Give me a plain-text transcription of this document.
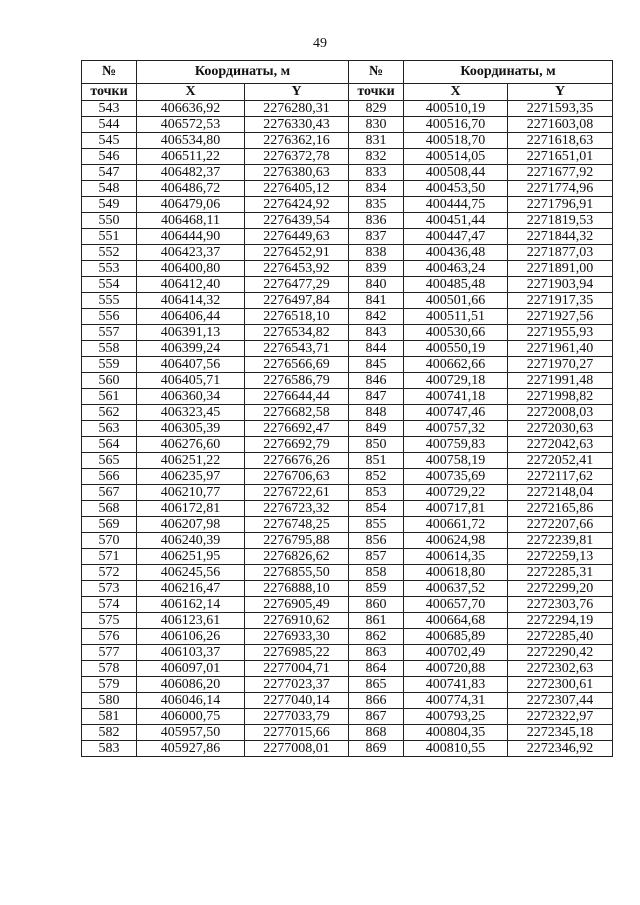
49
№	Координаты, м		№	Координаты, м	
точки	X	Y	точки	X	Y
543	406636,92	2276280,31	829	400510,19	2271593,35
544	406572,53	2276330,43	830	400516,70	2271603,08
545	406534,80	2276362,16	831	400518,70	2271618,63
546	406511,22	2276372,78	832	400514,05	2271651,01
547	406482,37	2276380,63	833	400508,44	2271677,92
548	406486,72	2276405,12	834	400453,50	2271774,96
549	406479,06	2276424,92	835	400444,75	2271796,91
550	406468,11	2276439,54	836	400451,44	2271819,53
551	406444,90	2276449,63	837	400447,47	2271844,32
552	406423,37	2276452,91	838	400436,48	2271877,03
553	406400,80	2276453,92	839	400463,24	2271891,00
554	406412,40	2276477,29	840	400485,48	2271903,94
555	406414,32	2276497,84	841	400501,66	2271917,35
556	406406,44	2276518,10	842	400511,51	2271927,56
557	406391,13	2276534,82	843	400530,66	2271955,93
558	406399,24	2276543,71	844	400550,19	2271961,40
559	406407,56	2276566,69	845	400662,66	2271970,27
560	406405,71	2276586,79	846	400729,18	2271991,48
561	406360,34	2276644,44	847	400741,18	2271998,82
562	406323,45	2276682,58	848	400747,46	2272008,03
563	406305,39	2276692,47	849	400757,32	2272030,63
564	406276,60	2276692,79	850	400759,83	2272042,63
565	406251,22	2276676,26	851	400758,19	2272052,41
566	406235,97	2276706,63	852	400735,69	2272117,62
567	406210,77	2276722,61	853	400729,22	2272148,04
568	406172,81	2276723,32	854	400717,81	2272165,86
569	406207,98	2276748,25	855	400661,72	2272207,66
570	406240,39	2276795,88	856	400624,98	2272239,81
571	406251,95	2276826,62	857	400614,35	2272259,13
572	406245,56	2276855,50	858	400618,80	2272285,31
573	406216,47	2276888,10	859	400637,52	2272299,20
574	406162,14	2276905,49	860	400657,70	2272303,76
575	406123,61	2276910,62	861	400664,68	2272294,19
576	406106,26	2276933,30	862	400685,89	2272285,40
577	406103,37	2276985,22	863	400702,49	2272290,42
578	406097,01	2277004,71	864	400720,88	2272302,63
579	406086,20	2277023,37	865	400741,83	2272300,61
580	406046,14	2277040,14	866	400774,31	2272307,44
581	406000,75	2277033,79	867	400793,25	2272322,97
582	405957,50	2277015,66	868	400804,35	2272345,18
583	405927,86	2277008,01	869	400810,55	2272346,92
